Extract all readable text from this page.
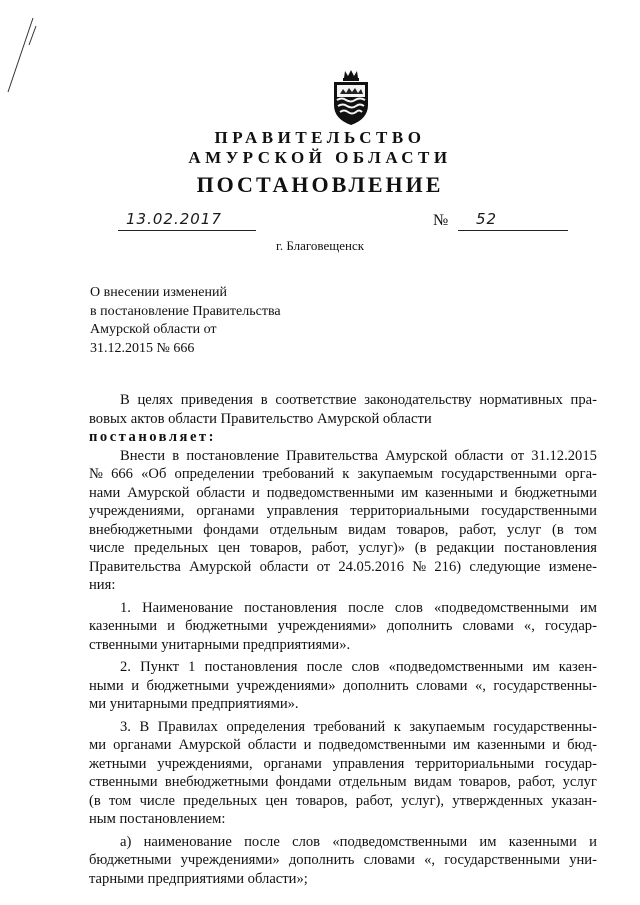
ПРАВИТЕЛЬСТВО
АМУРСКОЙ ОБЛАСТИ
ПОСТАНОВЛЕНИЕ
13.02.2017	№ 52
г. Благовещенск
О внесении изменений
в постановление Правительства
Амурской области от
31.12.2015 № 666
В целях приведения в соответствие законодательству нормативных пра-
вовых актов области Правительство Амурской области
постановляет:
Внести в постановление Правительства Амурской области от 31.12.2015
№ 666 «Об определении требований к закупаемым государственными орга-
нами Амурской области и подведомственными им казенными и бюджетными
учреждениями, органами управления территориальными государственными
внебюджетными фондами отдельным видам товаров, работ, услуг (в том
числе предельных цен товаров, работ, услуг)» (в редакции постановления
Правительства Амурской области от 24.05.2016 № 216) следующие измене-
ния:
1. Наименование постановления после слов «подведомственными им
казенными и бюджетными учреждениями» дополнить словами «, государ-
ственными унитарными предприятиями».
2. Пункт 1 постановления после слов «подведомственными им казен-
ными и бюджетными учреждениями» дополнить словами «, государственны-
ми унитарными предприятиями».
3. В Правилах определения требований к закупаемым государственны-
ми органами Амурской области и подведомственными им казенными и бюд-
жетными учреждениями, органами управления территориальными государ-
ственными внебюджетными фондами отдельным видам товаров, работ, услуг
(в том числе предельных цен товаров, работ, услуг), утвержденных указан-
ным постановлением:
а) наименование после слов «подведомственными им казенными и
бюджетными учреждениями» дополнить словами «, государственными уни-
тарными предприятиями области»;
